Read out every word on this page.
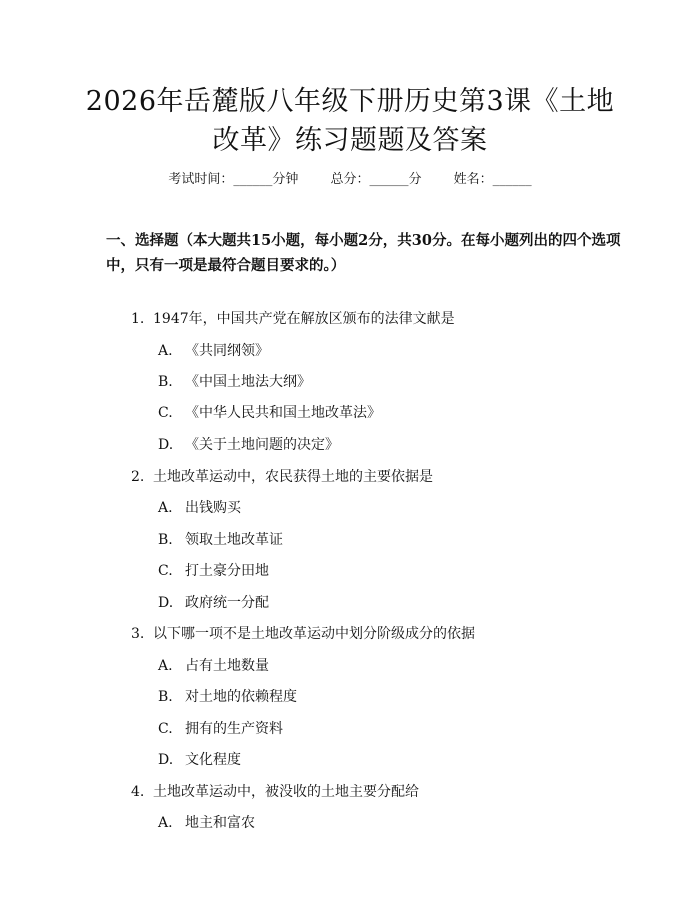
2026年岳麓版八年级下册历史第3课《土地
改革》练习题题及答案
考试时间：______分钟 总分：______分 姓名：______
一、选择题（本大题共15小题，每小题2分，共30分。在每小题列出的四个选项中，只有一项是最符合题目要求的。）
1. 1947年，中国共产党在解放区颁布的法律文献是
A. 《共同纲领》
B. 《中国土地法大纲》
C. 《中华人民共和国土地改革法》
D. 《关于土地问题的决定》
2. 土地改革运动中，农民获得土地的主要依据是
A. 出钱购买
B. 领取土地改革证
C. 打土豪分田地
D. 政府统一分配
3. 以下哪一项不是土地改革运动中划分阶级成分的依据
A. 占有土地数量
B. 对土地的依赖程度
C. 拥有的生产资料
D. 文化程度
4. 土地改革运动中，被没收的土地主要分配给
A. 地主和富农
